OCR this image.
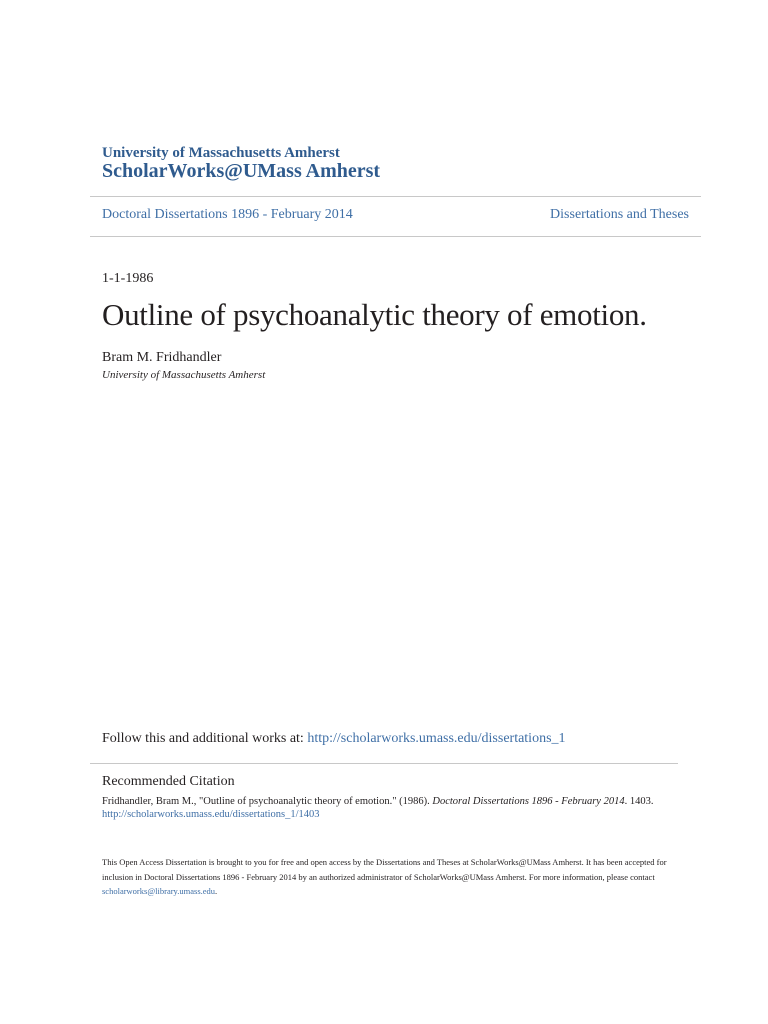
University of Massachusetts Amherst
ScholarWorks@UMass Amherst
Doctoral Dissertations 1896 - February 2014	Dissertations and Theses
1-1-1986
Outline of psychoanalytic theory of emotion.
Bram M. Fridhandler
University of Massachusetts Amherst
Follow this and additional works at: http://scholarworks.umass.edu/dissertations_1
Recommended Citation
Fridhandler, Bram M., "Outline of psychoanalytic theory of emotion." (1986). Doctoral Dissertations 1896 - February 2014. 1403.
http://scholarworks.umass.edu/dissertations_1/1403
This Open Access Dissertation is brought to you for free and open access by the Dissertations and Theses at ScholarWorks@UMass Amherst. It has been accepted for inclusion in Doctoral Dissertations 1896 - February 2014 by an authorized administrator of ScholarWorks@UMass Amherst. For more information, please contact scholarworks@library.umass.edu.
